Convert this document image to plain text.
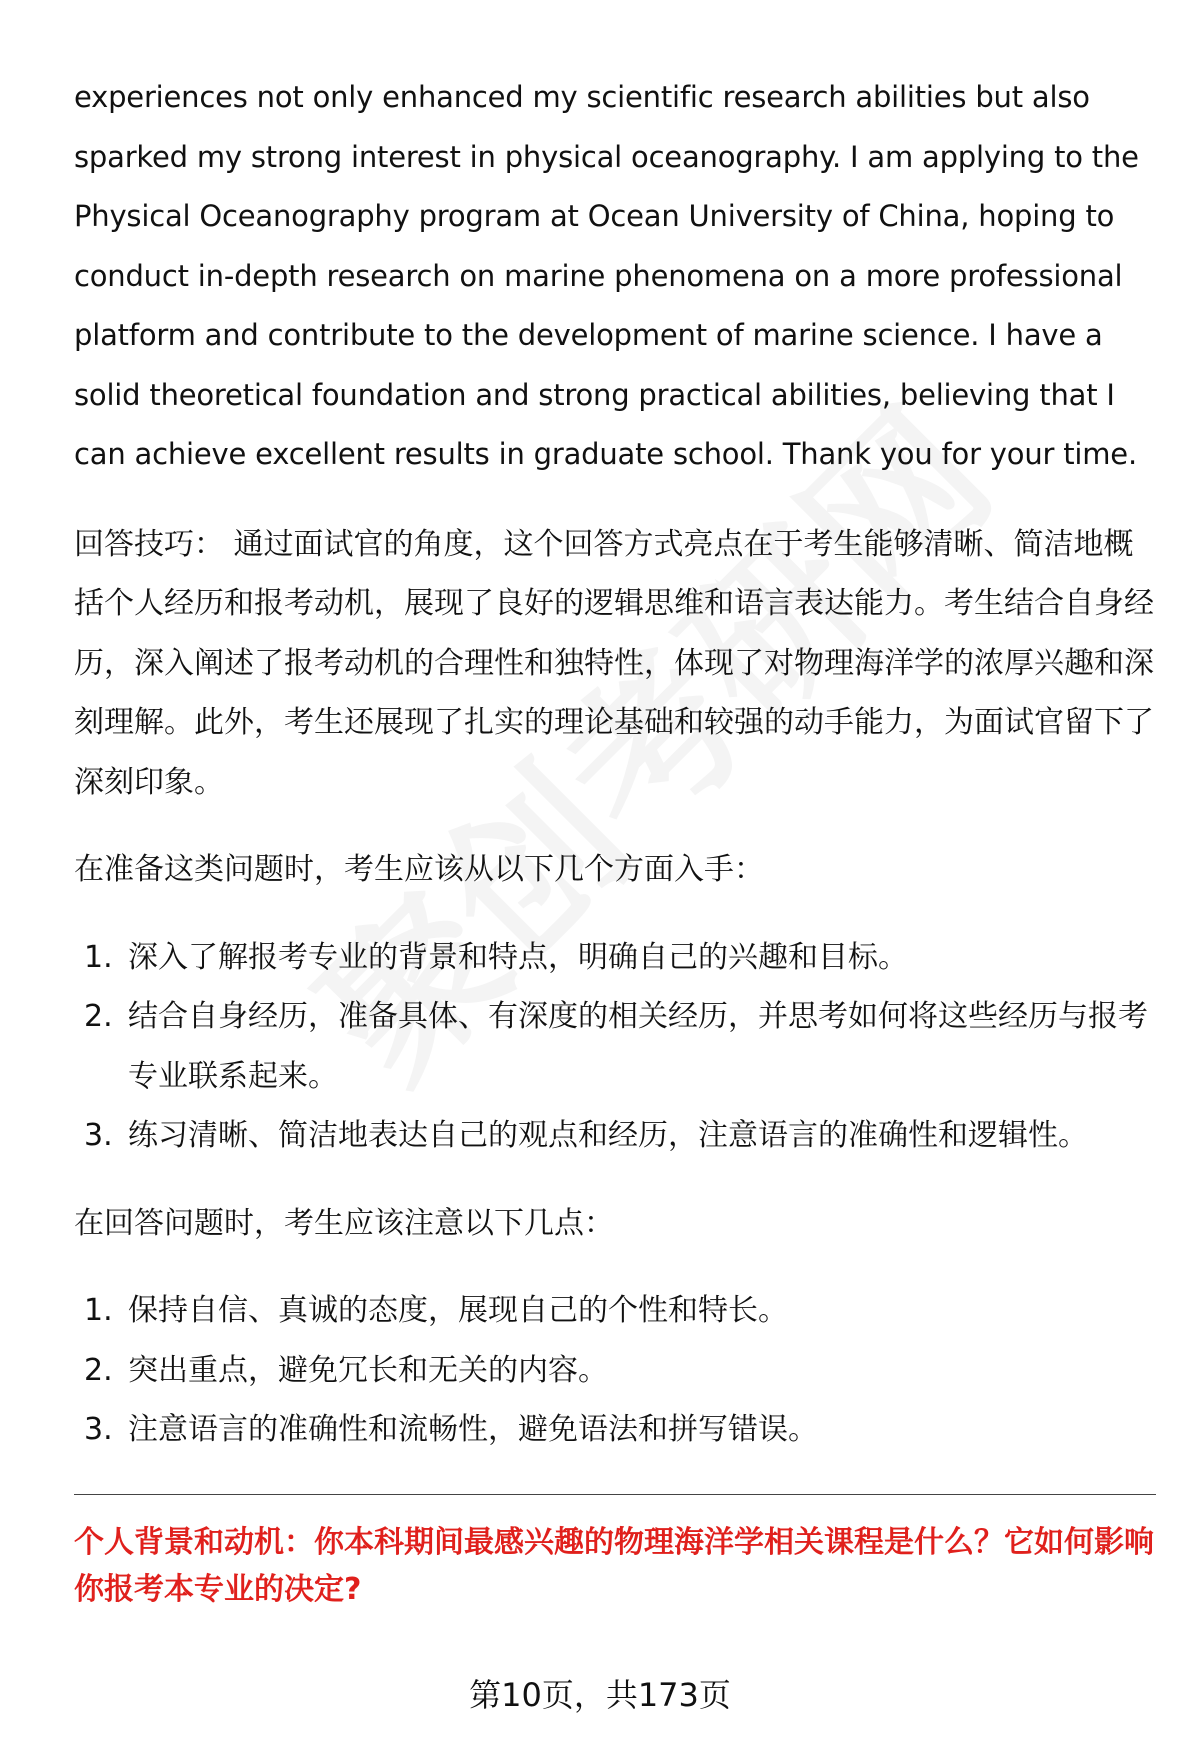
experiences not only enhanced my scientific research abilities but also sparked my strong interest in physical oceanography. I am applying to the Physical Oceanography program at Ocean University of China, hoping to conduct in-depth research on marine phenomena on a more professional platform and contribute to the development of marine science. I have a solid theoretical foundation and strong practical abilities, believing that I can achieve excellent results in graduate school. Thank you for your time.

回答技巧： 通过面试官的角度，这个回答方式亮点在于考生能够清晰、简洁地概括个人经历和报考动机，展现了良好的逻辑思维和语言表达能力。考生结合自身经历，深入阐述了报考动机的合理性和独特性，体现了对物理海洋学的浓厚兴趣和深刻理解。此外，考生还展现了扎实的理论基础和较强的动手能力，为面试官留下了深刻印象。

在准备这类问题时，考生应该从以下几个方面入手：

1. 深入了解报考专业的背景和特点，明确自己的兴趣和目标。
2. 结合自身经历，准备具体、有深度的相关经历，并思考如何将这些经历与报考专业联系起来。
3. 练习清晰、简洁地表达自己的观点和经历，注意语言的准确性和逻辑性。

在回答问题时，考生应该注意以下几点：

1. 保持自信、真诚的态度，展现自己的个性和特长。
2. 突出重点，避免冗长和无关的内容。
3. 注意语言的准确性和流畅性，避免语法和拼写错误。
个人背景和动机：你本科期间最感兴趣的物理海洋学相关课程是什么？它如何影响你报考本专业的决定?
第10页，共173页
